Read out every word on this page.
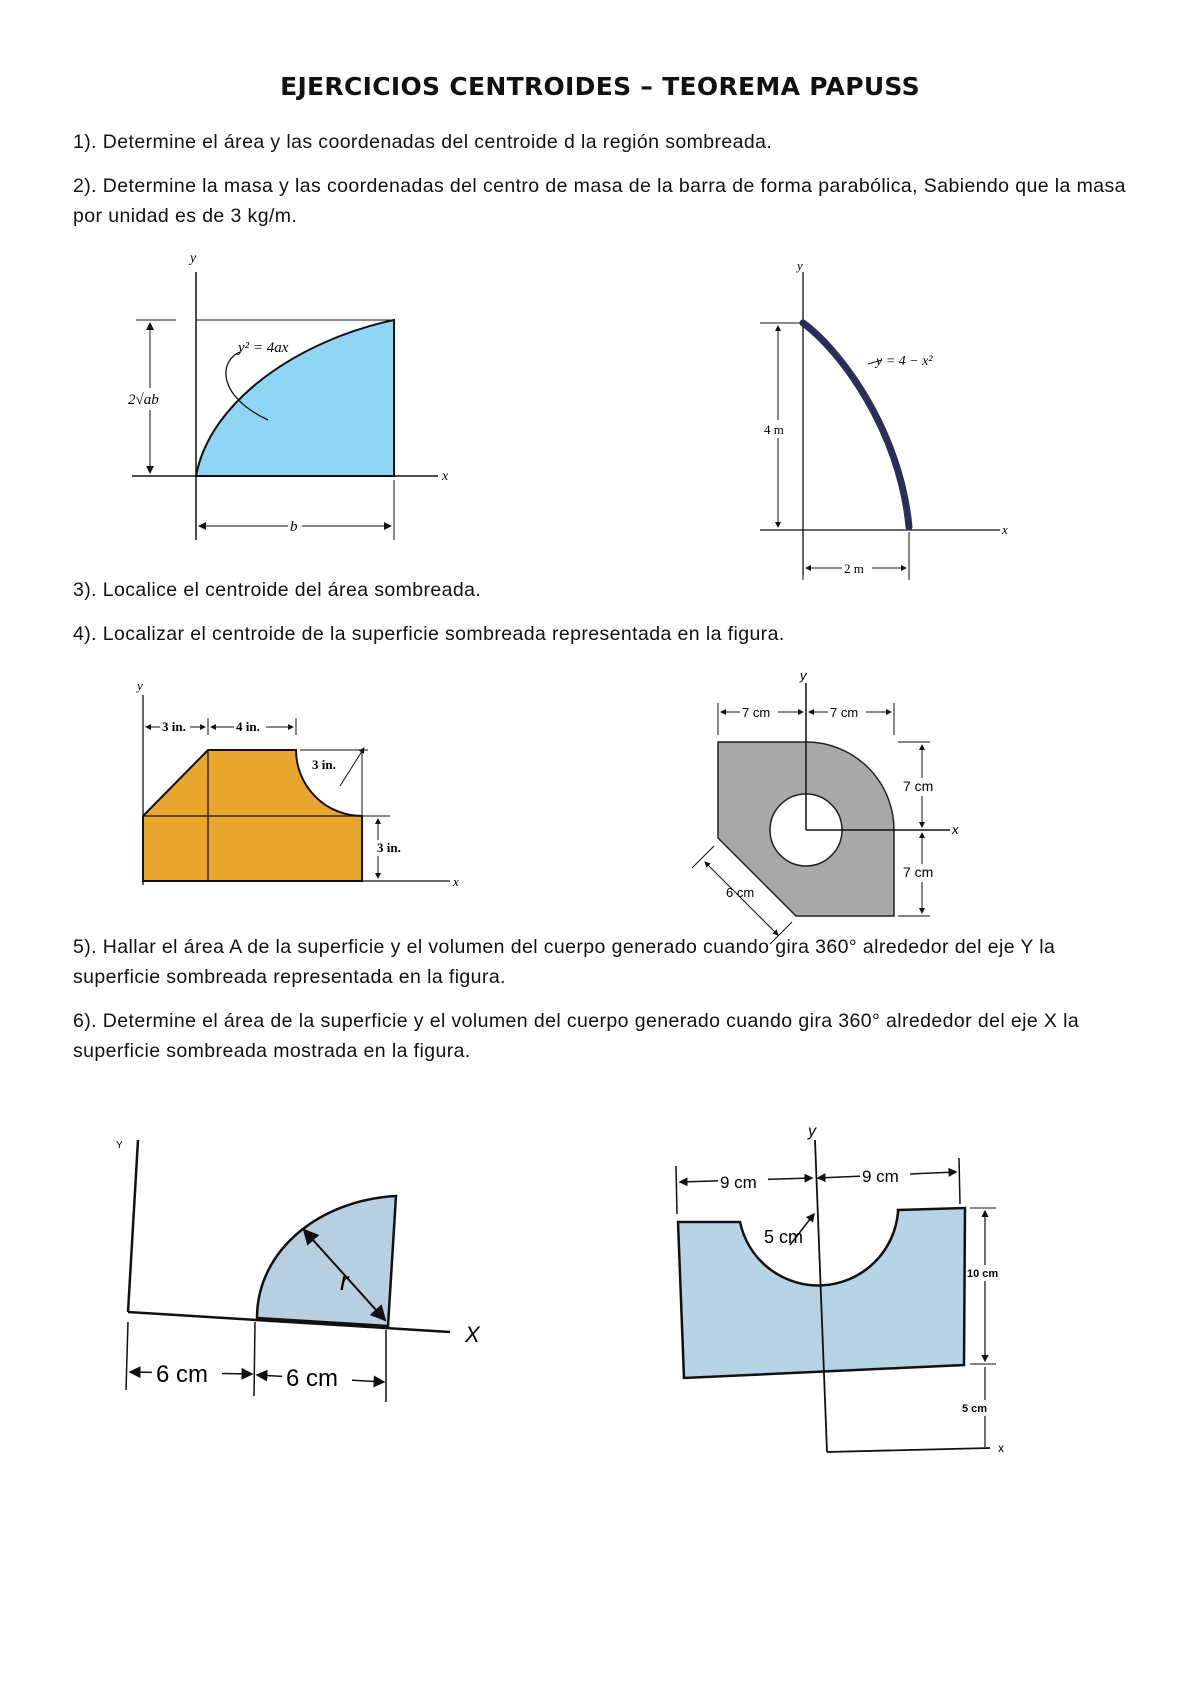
EJERCICIOS CENTROIDES – TEOREMA PAPUSS
1). Determine el área y las coordenadas del centroide d la región sombreada.
2). Determine la masa y las coordenadas del centro de masa de la barra de forma parabólica, Sabiendo que la masa por unidad es de 3 kg/m.
3). Localice el centroide del área sombreada.
4). Localizar el centroide de la superficie sombreada representada en la figura.
5). Hallar el área A de la superficie y el volumen del cuerpo generado cuando gira 360° alrededor del eje Y la superficie sombreada representada en la figura.
6). Determine el área de la superficie y el volumen del cuerpo generado cuando gira 360° alrededor del eje X la superficie sombreada mostrada en la figura.
y
x
y² = 4ax
2√ab
b
y
x
y = 4 − x²
4 m
2 m
y
x
3 in.	4 in.
3 in.
3 in.
y
x
7 cm	7 cm
7 cm
7 cm
6 cm
Y
X
r
6 cm	6 cm
y
x
9 cm	9 cm
5 cm
10 cm
5 cm
